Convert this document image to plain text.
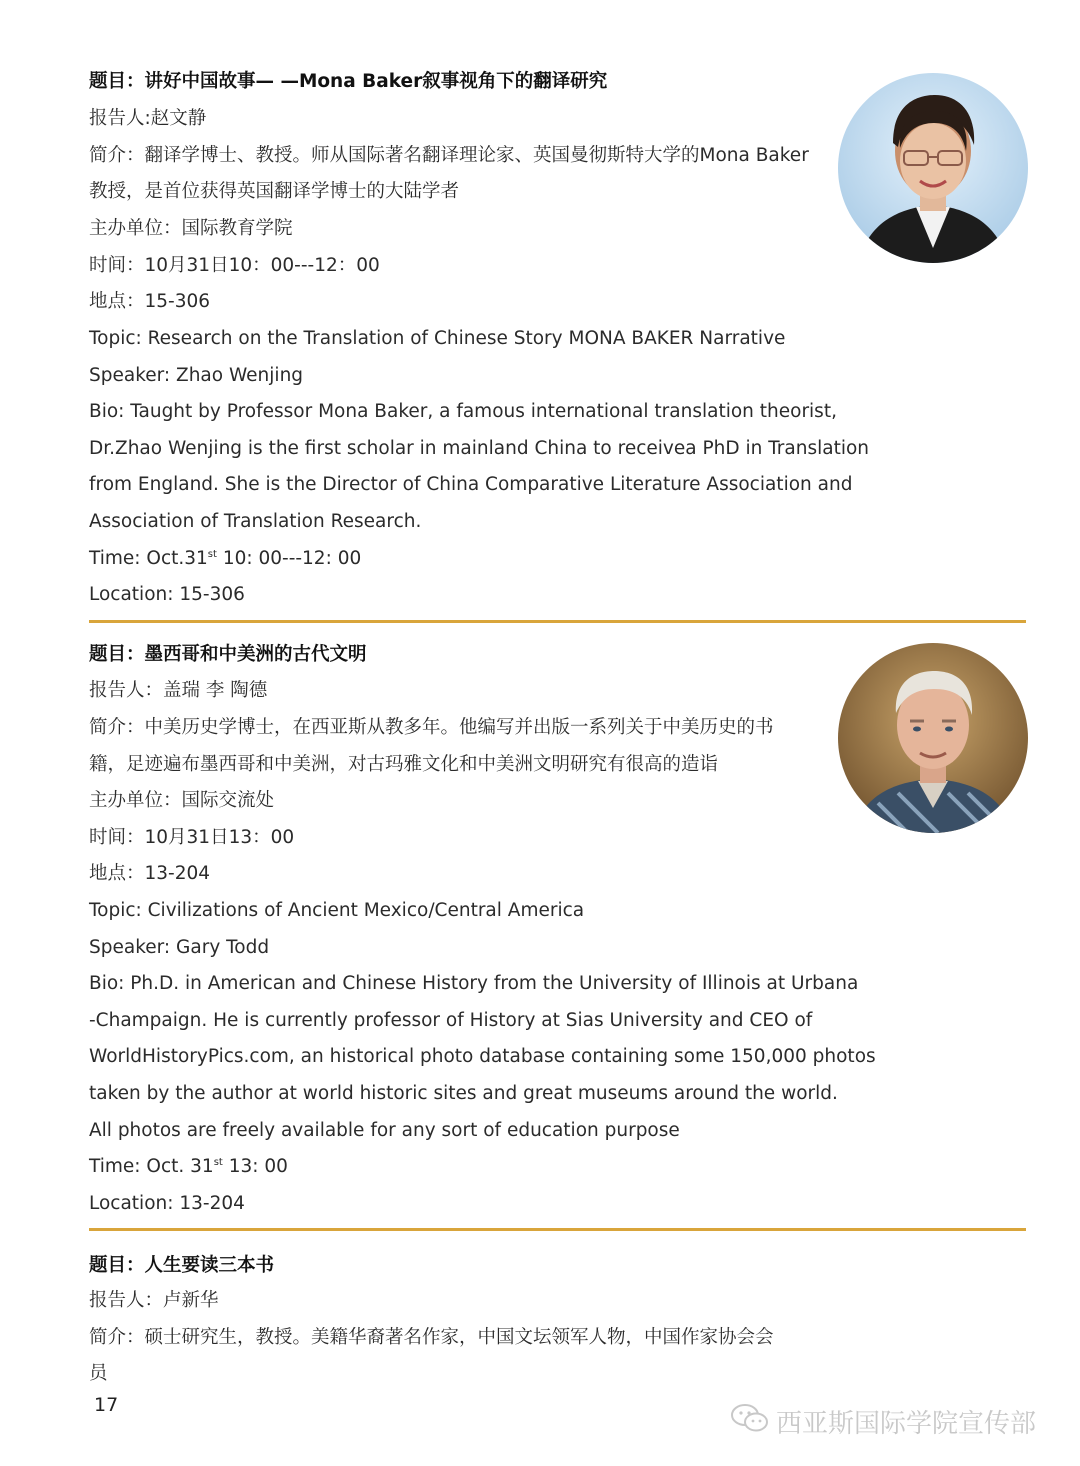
题目：讲好中国故事— —Mona Baker叙事视角下的翻译研究
报告人:赵文静
简介：翻译学博士、教授。师从国际著名翻译理论家、英国曼彻斯特大学的Mona Baker
教授，是首位获得英国翻译学博士的大陆学者
主办单位：国际教育学院
时间：10月31日10：00---12：00
地点：15-306
Topic: Research on the Translation of Chinese Story MONA BAKER Narrative
Speaker: Zhao Wenjing
Bio: Taught by Professor Mona Baker, a famous international translation theorist,
Dr.Zhao Wenjing is the first scholar in mainland China to receivea PhD in Translation
from England. She is the Director of China Comparative Literature Association and
Association of Translation Research.
Time: Oct.31st 10: 00---12: 00
Location: 15-306
题目：墨西哥和中美洲的古代文明
报告人：盖瑞 李 陶德
简介：中美历史学博士，在西亚斯从教多年。他编写并出版一系列关于中美历史的书
籍，足迹遍布墨西哥和中美洲，对古玛雅文化和中美洲文明研究有很高的造诣
主办单位：国际交流处
时间：10月31日13：00
地点：13-204
Topic: Civilizations of Ancient Mexico/Central America
Speaker: Gary Todd
Bio: Ph.D. in American and Chinese History from the University of Illinois at Urbana
-Champaign. He is currently professor of History at Sias University and CEO of
WorldHistoryPics.com, an historical photo database containing some 150,000 photos
taken by the author at world historic sites and great museums around the world.
All photos are freely available for any sort of education purpose
Time: Oct. 31st 13: 00
Location: 13-204
题目：人生要读三本书
报告人：卢新华
简介：硕士研究生，教授。美籍华裔著名作家，中国文坛领军人物，中国作家协会会
员
17
西亚斯国际学院宣传部
